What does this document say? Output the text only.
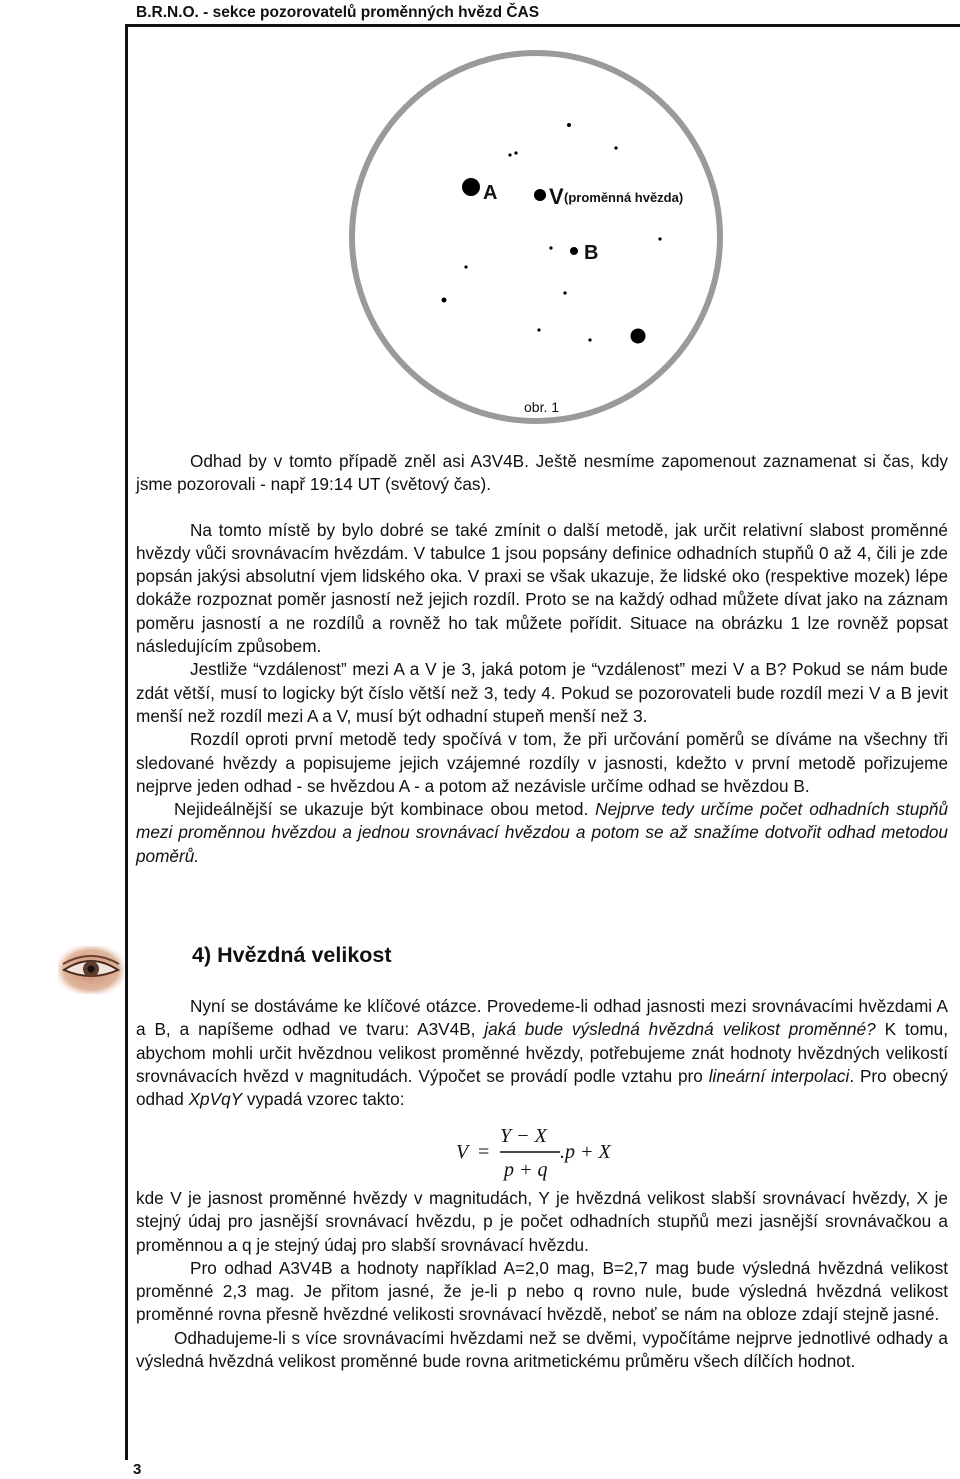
B.R.N.O. - sekce pozorovatelů proměnných hvězd ČAS
A V (proměnná hvězda)
B
obr. 1

Odhad by v tomto případě zněl asi A3V4B. Ještě nesmíme zapomenout zaznamenat si čas, kdy jsme pozorovali - např 19:14 UT (světový čas).

Na tomto místě by bylo dobré se také zmínit o další metodě, jak určit relativní slabost proměnné hvězdy vůči srovnávacím hvězdám. V tabulce 1 jsou popsány definice odhadních stupňů 0 až 4, čili je zde popsán jakýsi absolutní vjem lidského oka. V praxi se však ukazuje, že lidské oko (respektive mozek) lépe dokáže rozpoznat poměr jasností než jejich rozdíl. Proto se na každý odhad můžete dívat jako na záznam poměru jasností a ne rozdílů a rovněž ho tak můžete pořídit. Situace na obrázku 1 lze rovněž popsat následujícím způsobem.

Jestliže “vzdálenost” mezi A a V je 3, jaká potom je “vzdálenost” mezi V a B? Pokud se nám bude zdát větší, musí to logicky být číslo větší než 3, tedy 4. Pokud se pozorovateli bude rozdíl mezi V a B jevit menší než rozdíl mezi A a V, musí být odhadní stupeň menší než 3.

Rozdíl oproti první metodě tedy spočívá v tom, že při určování poměrů se díváme na všechny tři sledované hvězdy a popisujeme jejich vzájemné rozdíly v jasnosti, kdežto v první metodě pořizujeme nejprve jeden odhad - se hvězdou A - a potom až nezávisle určíme odhad se hvězdou B.

Nejideálnější se ukazuje být kombinace obou metod. Nejprve tedy určíme počet odhadních stupňů mezi proměnnou hvězdou a jednou srovnávací hvězdou a potom se až snažíme dotvořit odhad metodou poměrů.

4) Hvězdná velikost

Nyní se dostáváme ke klíčové otázce. Provedeme-li odhad jasnosti mezi srovnávacími hvězdami A a B, a napíšeme odhad ve tvaru: A3V4B, jaká bude výsledná hvězdná velikost proměnné? K tomu, abychom mohli určit hvězdnou velikost proměnné hvězdy, potřebujeme znát hodnoty hvězdných velikostí srovnávacích hvězd v magnitudách. Výpočet se provádí podle vztahu pro lineární interpolaci. Pro obecný odhad XpVqY vypadá vzorec takto:

V =
Y − X
p + q
.p + X

kde V je jasnost proměnné hvězdy v magnitudách, Y je hvězdná velikost slabší srovnávací hvězdy, X je stejný údaj pro jasnější srovnávací hvězdu, p je počet odhadních stupňů mezi jasnější srovnávačkou a proměnnou a q je stejný údaj pro slabší srovnávací hvězdu.

Pro odhad A3V4B a hodnoty například A=2,0 mag, B=2,7 mag bude výsledná hvězdná velikost proměnné 2,3 mag. Je přitom jasné, že je-li p nebo q rovno nule, bude výsledná hvězdná velikost proměnné rovna přesně hvězdné velikosti srovnávací hvězdě, neboť se nám na obloze zdají stejně jasné.

Odhadujeme-li s více srovnávacími hvězdami než se dvěmi, vypočítáme nejprve jednotlivé odhady a výsledná hvězdná velikost proměnné bude rovna aritmetickému průměru všech dílčích hodnot.

3
